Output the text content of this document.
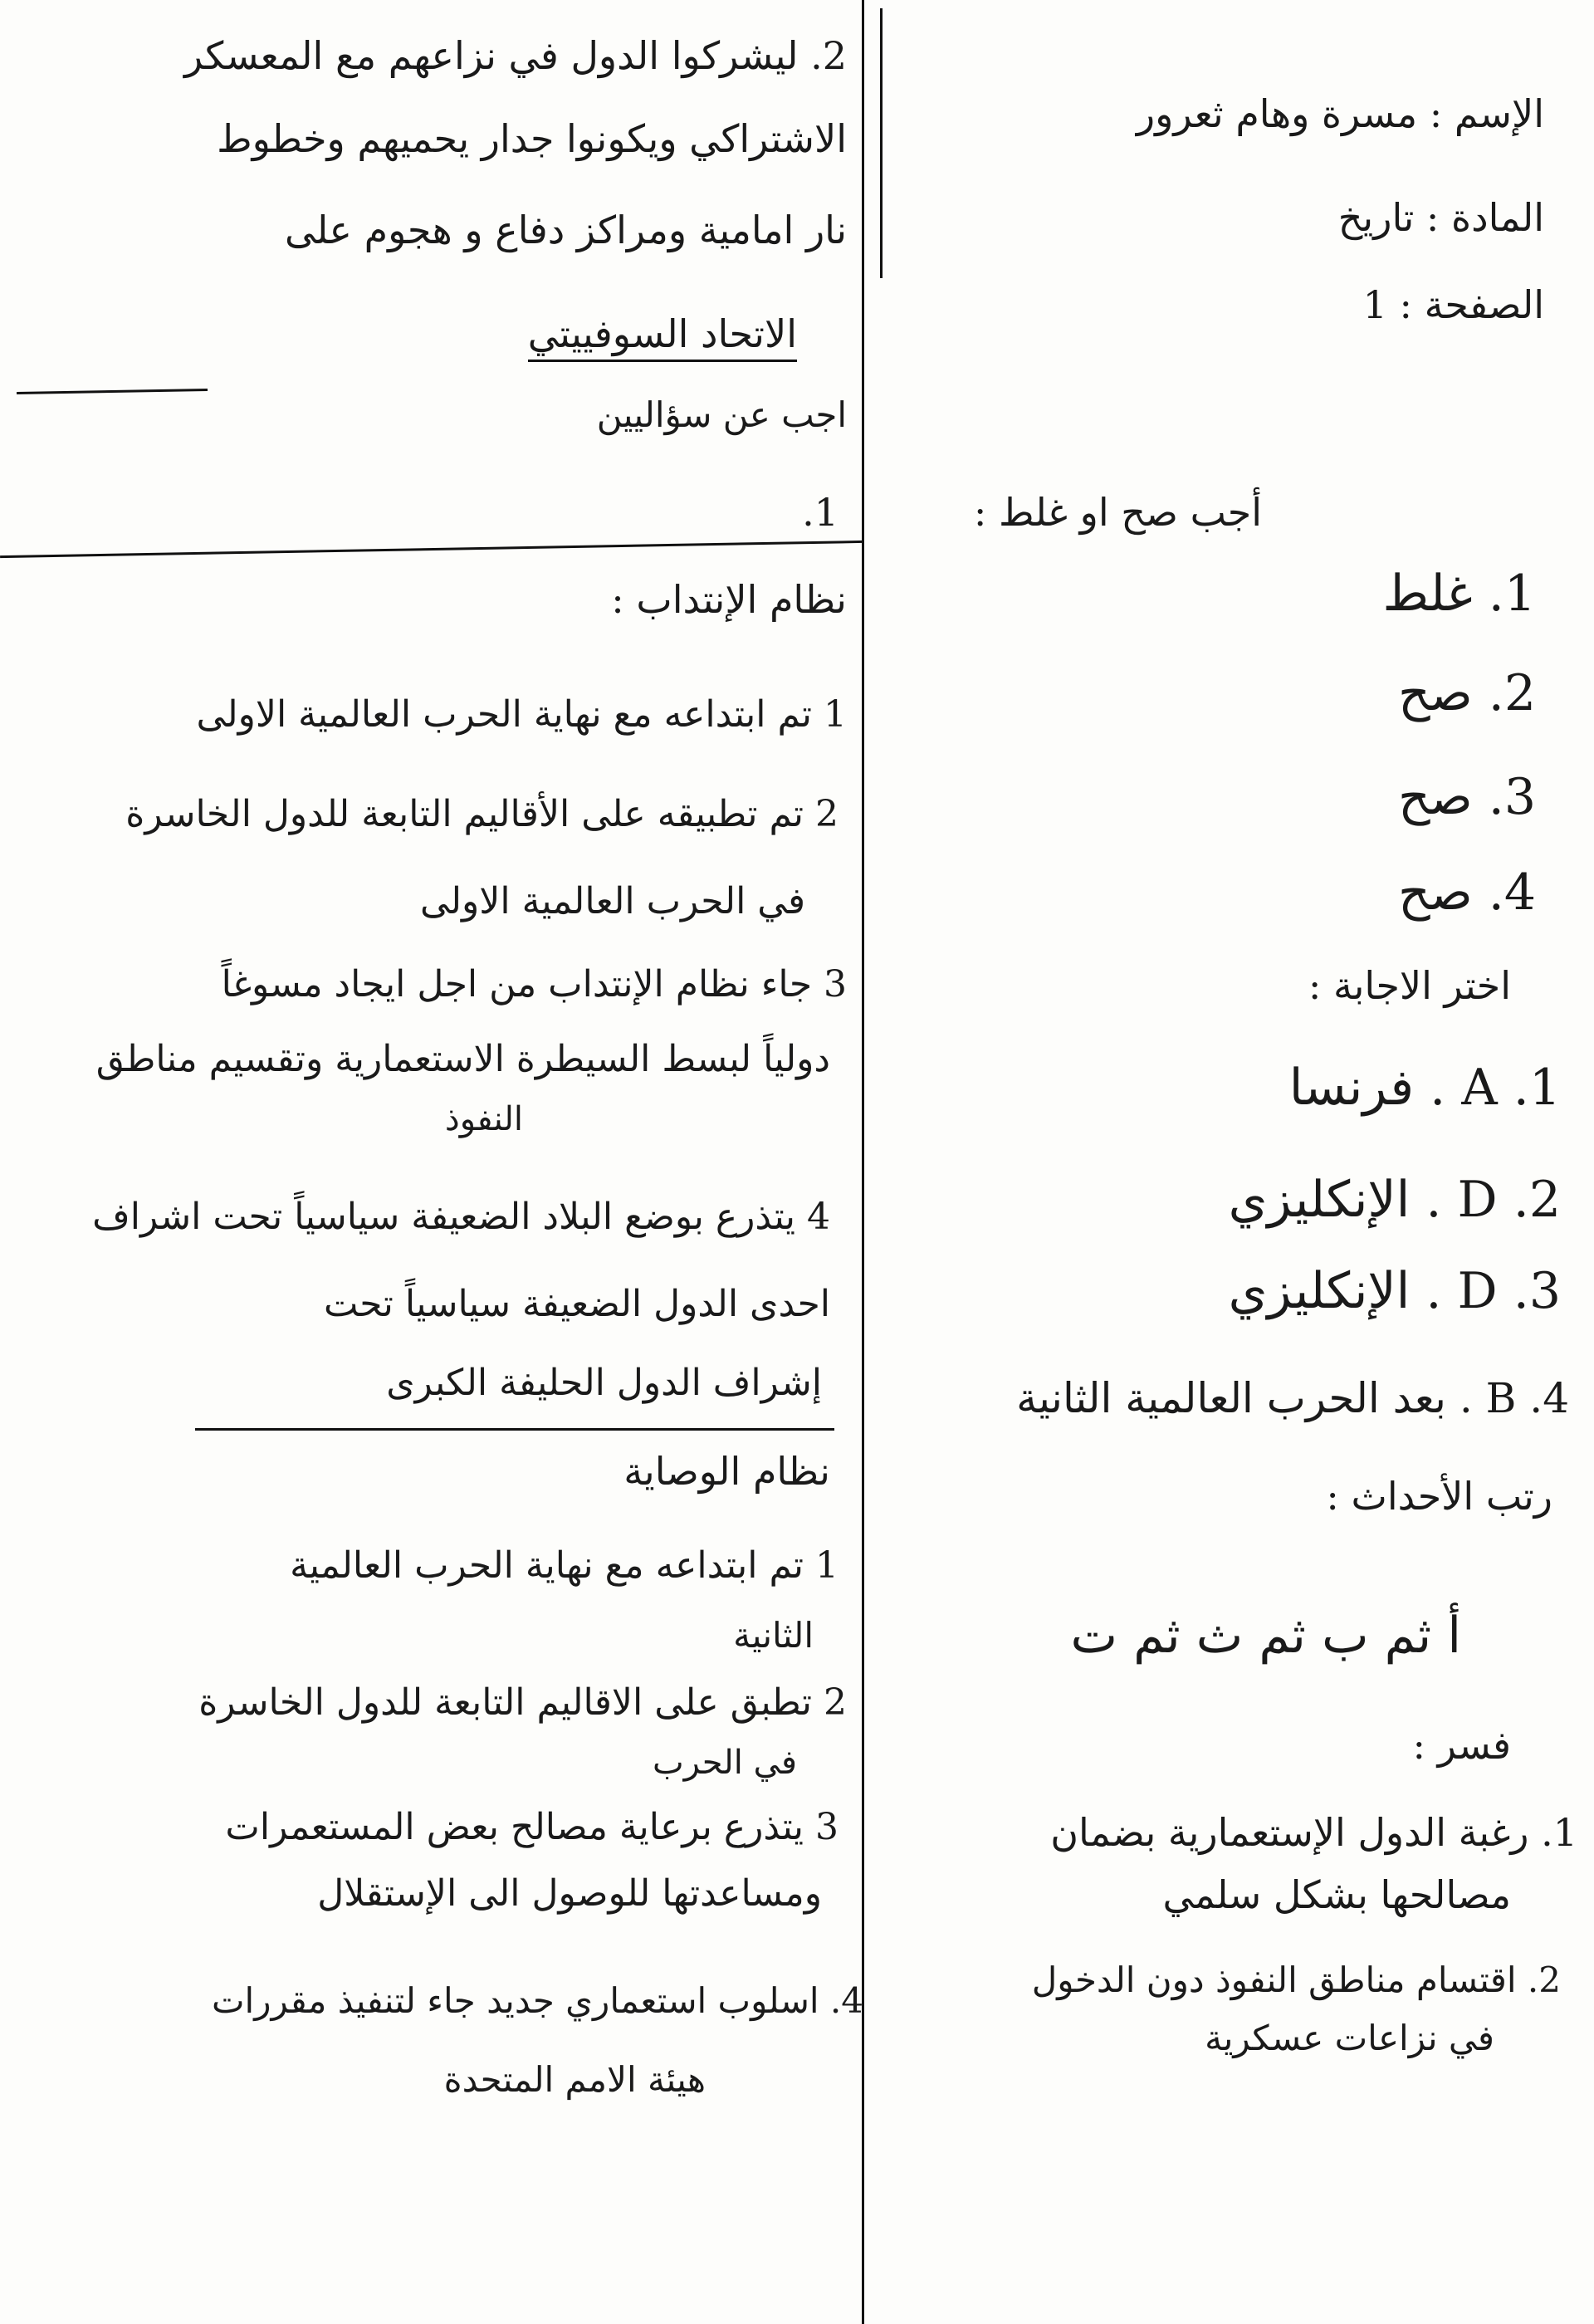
الإسم : مسرة وهام ثعرور
المادة : تاريخ
الصفحة : 1
أجب صح او غلط :
1. غلط
2. صح
3. صح
4. صح
اختر الاجابة :
1. A . فرنسا
2. D . الإنكليزي
3. D . الإنكليزي
4. B . بعد الحرب العالمية الثانية
رتب الأحداث :
أ ثم ب ثم ث ثم ت
فسر :
1. رغبة الدول الإستعمارية بضمان
مصالحها بشكل سلمي
2. اقتسام مناطق النفوذ دون الدخول
في نزاعات عسكرية
2. ليشركوا الدول في نزاعهم مع المعسكر
الاشتراكي ويكونوا جدار يحميهم وخطوط
نار امامية ومراكز دفاع و هجوم على
الاتحاد السوفييتي
اجب عن سؤاليين
1.
نظام الإنتداب :
1 تم ابتداعه مع نهاية الحرب العالمية الاولى
2 تم تطبيقه على الأقاليم التابعة للدول الخاسرة
في الحرب العالمية الاولى
3 جاء نظام الإنتداب من اجل ايجاد مسوغاً
دولياً لبسط السيطرة الاستعمارية وتقسيم مناطق
النفوذ
4 يتذرع بوضع البلاد الضعيفة سياسياً تحت اشراف
احدى الدول الضعيفة سياسياً تحت
إشراف الدول الحليفة الكبرى
نظام الوصاية
1 تم ابتداعه مع نهاية الحرب العالمية
الثانية
2 تطبق على الاقاليم التابعة للدول الخاسرة
في الحرب
3 يتذرع برعاية مصالح بعض المستعمرات
ومساعدتها للوصول الى الإستقلال
4. اسلوب استعماري جديد جاء لتنفيذ مقررات
هيئة الامم المتحدة
